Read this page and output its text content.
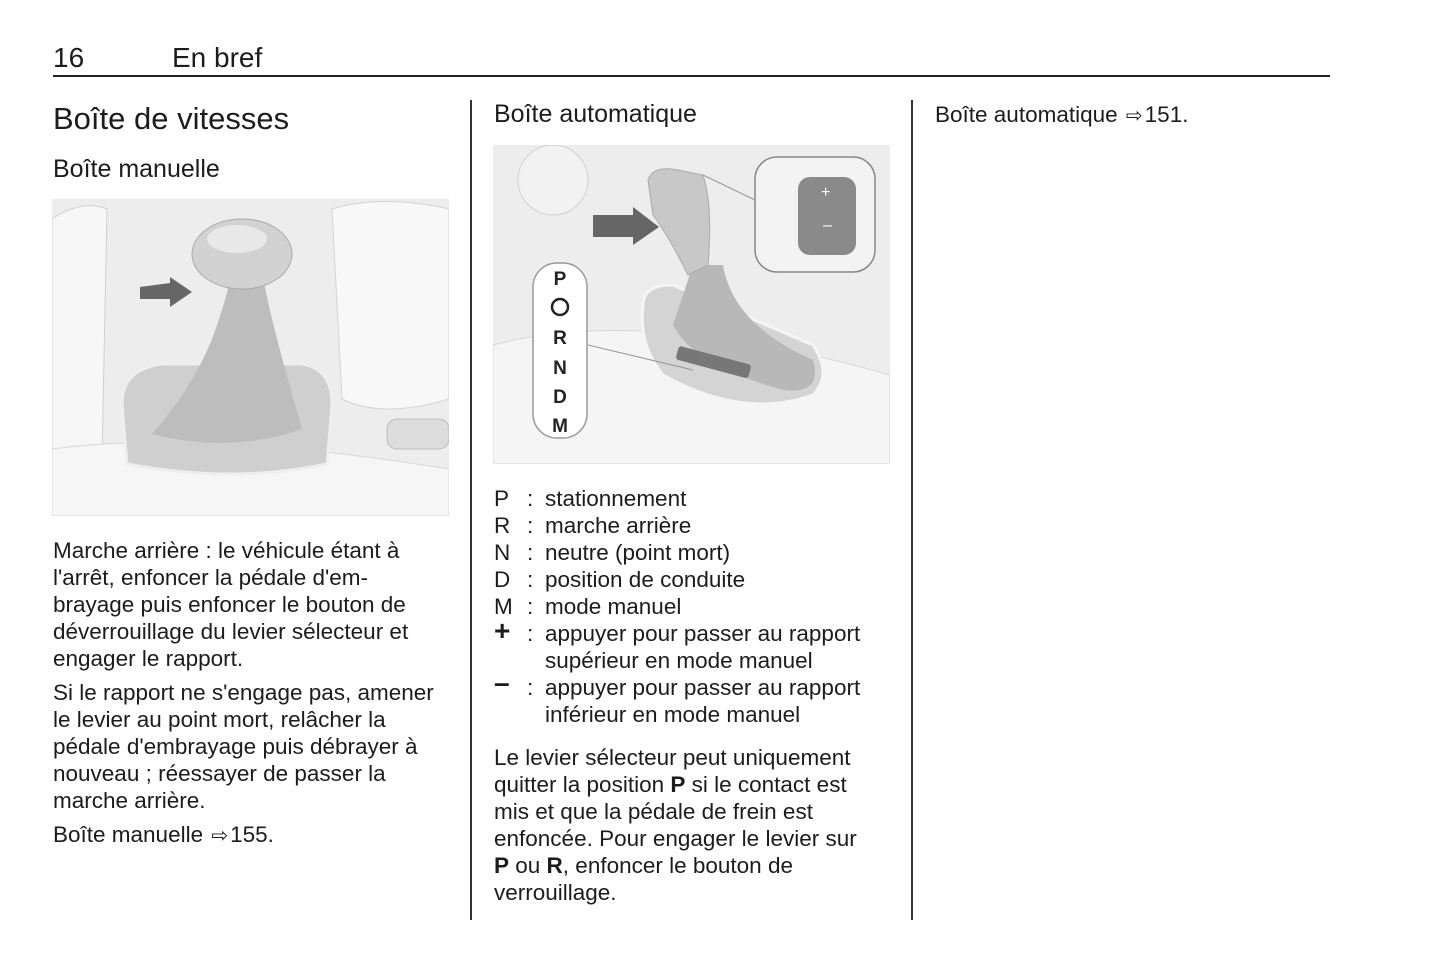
16	En bref
Boîte de vitesses
Boîte manuelle
Marche arrière : le véhicule étant à
l'arrêt, enfoncer la pédale d'em-
brayage puis enfoncer le bouton de
déverrouillage du levier sélecteur et
engager le rapport.
Si le rapport ne s'engage pas, amener
le levier au point mort, relâcher la
pédale d'embrayage puis débrayer à
nouveau ; réessayer de passer la
marche arrière.
Boîte manuelle ⇨155.
Boîte automatique
+
–
P
R
N
D
M
P : stationnement
R : marche arrière
N : neutre (point mort)
D : position de conduite
M : mode manuel
+ : appuyer pour passer au rapport
supérieur en mode manuel
– : appuyer pour passer au rapport
inférieur en mode manuel
Le levier sélecteur peut uniquement
quitter la position P si le contact est
mis et que la pédale de frein est
enfoncée. Pour engager le levier sur
P ou R, enfoncer le bouton de
verrouillage.
Boîte automatique ⇨151.
